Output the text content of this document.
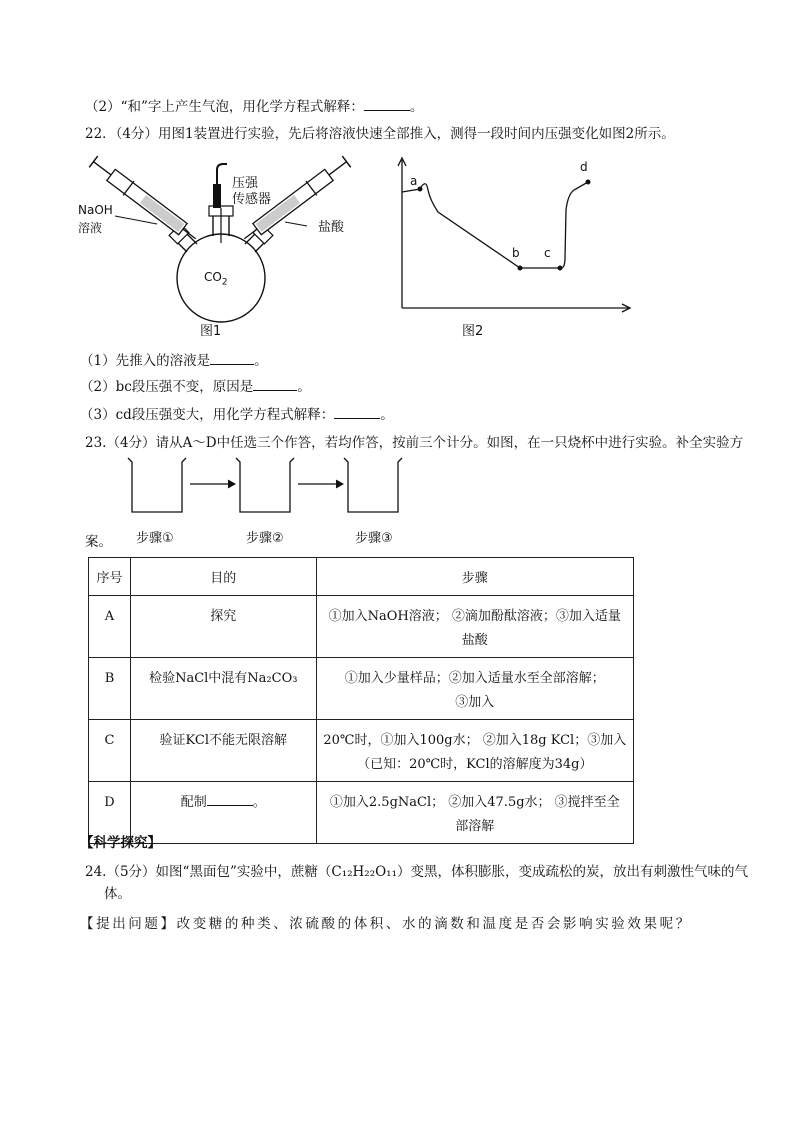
（2）“和”字上产生气泡，用化学方程式解释：	。
22．（4分）用图1装置进行实验，先后将溶液快速全部推入，测得一段时间内压强变化如图2所示。
压强
传感器
NaOH
溶液	盐酸
$CO_2$
图1
a
b c
d
图2
（1）先推入的溶液是	。
（2）bc段压强不变，原因是	。
（3）cd段压强变大，用化学方程式解释：	。
23.（4分）请从A～D中任选三个作答，若均作答，按前三个计分。如图，在一只烧杯中进行实验。补全实验方
步骤①	步骤②	步骤③
案。
序号	目的	步骤
A	探究	①加入NaOH溶液； ②滴加酚酞溶液；③加入适量
盐酸

B	检验NaCl中混有Na₂CO₃	①加入少量样品；②加入适量水至全部溶解；
③加入

C	验证KCl不能无限溶解	20℃时，①加入100g水； ②加入18g KCl；③加入
（已知：20℃时，KCl的溶解度为34g）

D	配制 。	①加入2.5gNaCl； ②加入47.5g水； ③搅拌至全
部溶解
【科学探究】
24.（5分）如图“黑面包”实验中，蔗糖（C₁₂H₂₂O₁₁）变黑，体积膨胀，变成疏松的炭，放出有刺激性气味的气
体。
【提出问题】改变糖的种类、浓硫酸的体积、水的滴数和温度是否会影响实验效果呢？
